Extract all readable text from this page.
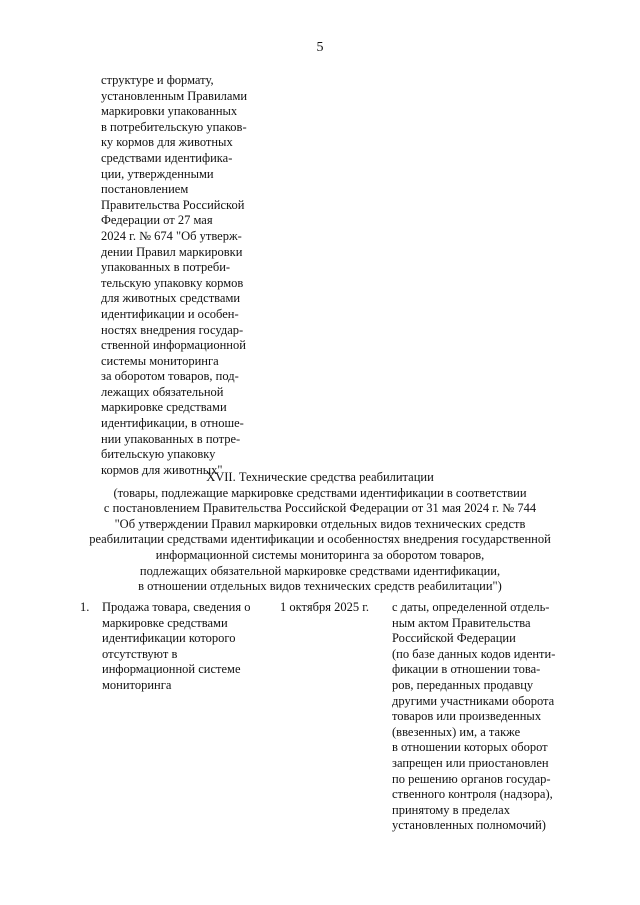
5
структуре и формату,
установленным Правилами
маркировки упакованных
в потребительскую упаков-
ку кормов для животных
средствами идентифика-
ции, утвержденными
постановлением
Правительства Российской
Федерации от 27 мая
2024 г. № 674 "Об утверж-
дении Правил маркировки
упакованных в потреби-
тельскую упаковку кормов
для животных средствами
идентификации и особен-
ностях внедрения государ-
ственной информационной
системы мониторинга
за оборотом товаров, под-
лежащих обязательной
маркировке средствами
идентификации, в отноше-
нии упакованных в потре-
бительскую упаковку
кормов для животных"
XVII. Технические средства реабилитации
(товары, подлежащие маркировке средствами идентификации в соответствии
с постановлением Правительства Российской Федерации от 31 мая 2024 г. № 744
"Об утверждении Правил маркировки отдельных видов технических средств
реабилитации средствами идентификации и особенностях внедрения государственной
информационной системы мониторинга за оборотом товаров,
подлежащих обязательной маркировке средствами идентификации,
в отношении отдельных видов технических средств реабилитации")
1. Продажа товара, сведения о
маркировке средствами
идентификации которого
отсутствуют в
информационной системе
мониторинга
1 октября 2025 г. с даты, определенной отдель-
ным актом Правительства
Российской Федерации
(по базе данных кодов иденти-
фикации в отношении това-
ров, переданных продавцу
другими участниками оборота
товаров или произведенных
(ввезенных) им, а также
в отношении которых оборот
запрещен или приостановлен
по решению органов государ-
ственного контроля (надзора),
принятому в пределах
установленных полномочий)
